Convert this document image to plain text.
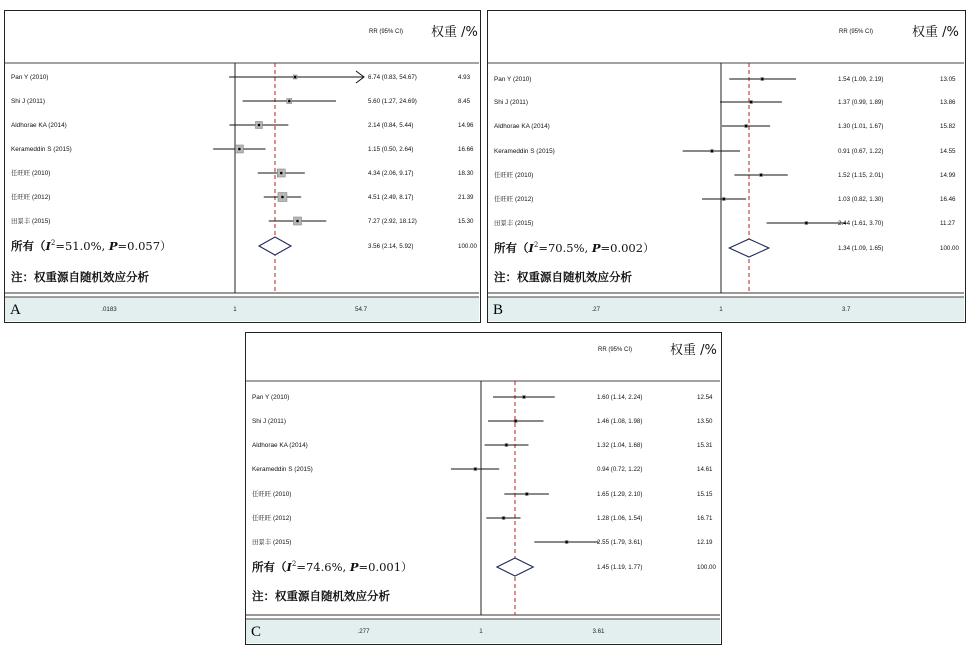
RR (95% CI) 权重 /%
Pan Y (2010)	6.74 (0.83, 54.67)	4.93
Shi J (2011)	5.60 (1.27, 24.69)	8.45
Aldhorae KA (2014)	2.14 (0.84, 5.44)	14.96
Kerameddin S (2015)	1.15 (0.50, 2.64)	16.66
任旺旺 (2010)	4.34 (2.06, 9.17)	18.30
任旺旺 (2012)	4.51 (2.49, 8.17)	21.39
田景丰 (2015)	7.27 (2.92, 18.12)	15.30
3.56 (2.14, 5.92)	100.00
所有（$I^2=51.0\%$, P=0.057）
注：权重源自随机效应分析
.0183	1	54.7
A
RR (95% CI)	权重 /%
Pan Y (2010)	1.54 (1.09, 2.19)	13.05
Shi J (2011)	1.37 (0.99, 1.89)	13.86
Aldhorae KA (2014)	1.30 (1.01, 1.67)	15.82
Kerameddin S (2015)	0.91 (0.67, 1.22)	14.55
任旺旺 (2010)	1.52 (1.15, 2.01)	14.99
任旺旺 (2012)	1.03 (0.82, 1.30)	16.46
田景丰 (2015)	2.44 (1.61, 3.70)	11.27
1.34 (1.09, 1.65)	100.00
所有（$I^2=70.5\%$, P=0.002）
注：权重源自随机效应分析
.27	1	3.7
B
RR (95% CI)	权重 /%
Pan Y (2010)	1.60 (1.14, 2.24)	12.54
Shi J (2011)	1.46 (1.08, 1.98)	13.50
Aldhorae KA (2014)	1.32 (1.04, 1.68)	15.31
Kerameddin S (2015)	0.94 (0.72, 1.22)	14.61
任旺旺 (2010)	1.65 (1.29, 2.10)	15.15
任旺旺 (2012)	1.28 (1.06, 1.54)	16.71
田景丰 (2015)	2.55 (1.79, 3.61)	12.19
1.45 (1.19, 1.77)	100.00
所有（$I^2=74.6\%$, P=0.001）
注：权重源自随机效应分析
.277	1	3.61
C
